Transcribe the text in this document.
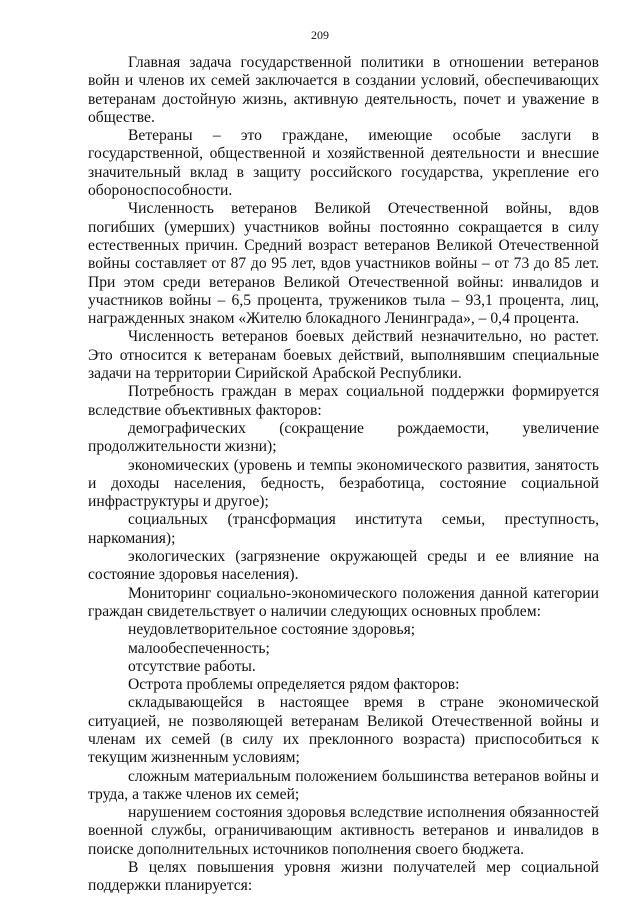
209

Главная задача государственной политики в отношении ветеранов войн и членов их семей заключается в создании условий, обеспечивающих ветеранам достойную жизнь, активную деятельность, почет и уважение в обществе.

Ветераны – это граждане, имеющие особые заслуги в государственной, общественной и хозяйственной деятельности и внесшие значительный вклад в защиту российского государства, укрепление его обороноспособности.

Численность ветеранов Великой Отечественной войны, вдов погибших (умерших) участников войны постоянно сокращается в силу естественных причин. Средний возраст ветеранов Великой Отечественной войны составляет от 87 до 95 лет, вдов участников войны – от 73 до 85 лет. При этом среди ветеранов Великой Отечественной войны: инвалидов и участников войны – 6,5 процента, тружеников тыла – 93,1 процента, лиц, награжденных знаком «Жителю блокадного Ленинграда», – 0,4 процента.

Численность ветеранов боевых действий незначительно, но растет. Это относится к ветеранам боевых действий, выполнявшим специальные задачи на территории Сирийской Арабской Республики.

Потребность граждан в мерах социальной поддержки формируется вследствие объективных факторов:

демографических (сокращение рождаемости, увеличение продолжительности жизни);

экономических (уровень и темпы экономического развития, занятость и доходы населения, бедность, безработица, состояние социальной инфраструктуры и другое);

социальных (трансформация института семьи, преступность, наркомания);

экологических (загрязнение окружающей среды и ее влияние на состояние здоровья населения).

Мониторинг социально-экономического положения данной категории граждан свидетельствует о наличии следующих основных проблем:

неудовлетворительное состояние здоровья;

малообеспеченность;

отсутствие работы.

Острота проблемы определяется рядом факторов:

складывающейся в настоящее время в стране экономической ситуацией, не позволяющей ветеранам Великой Отечественной войны и членам их семей (в силу их преклонного возраста) приспособиться к текущим жизненным условиям;

сложным материальным положением большинства ветеранов войны и труда, а также членов их семей;

нарушением состояния здоровья вследствие исполнения обязанностей военной службы, ограничивающим активность ветеранов и инвалидов в поиске дополнительных источников пополнения своего бюджета.

В целях повышения уровня жизни получателей мер социальной поддержки планируется:
